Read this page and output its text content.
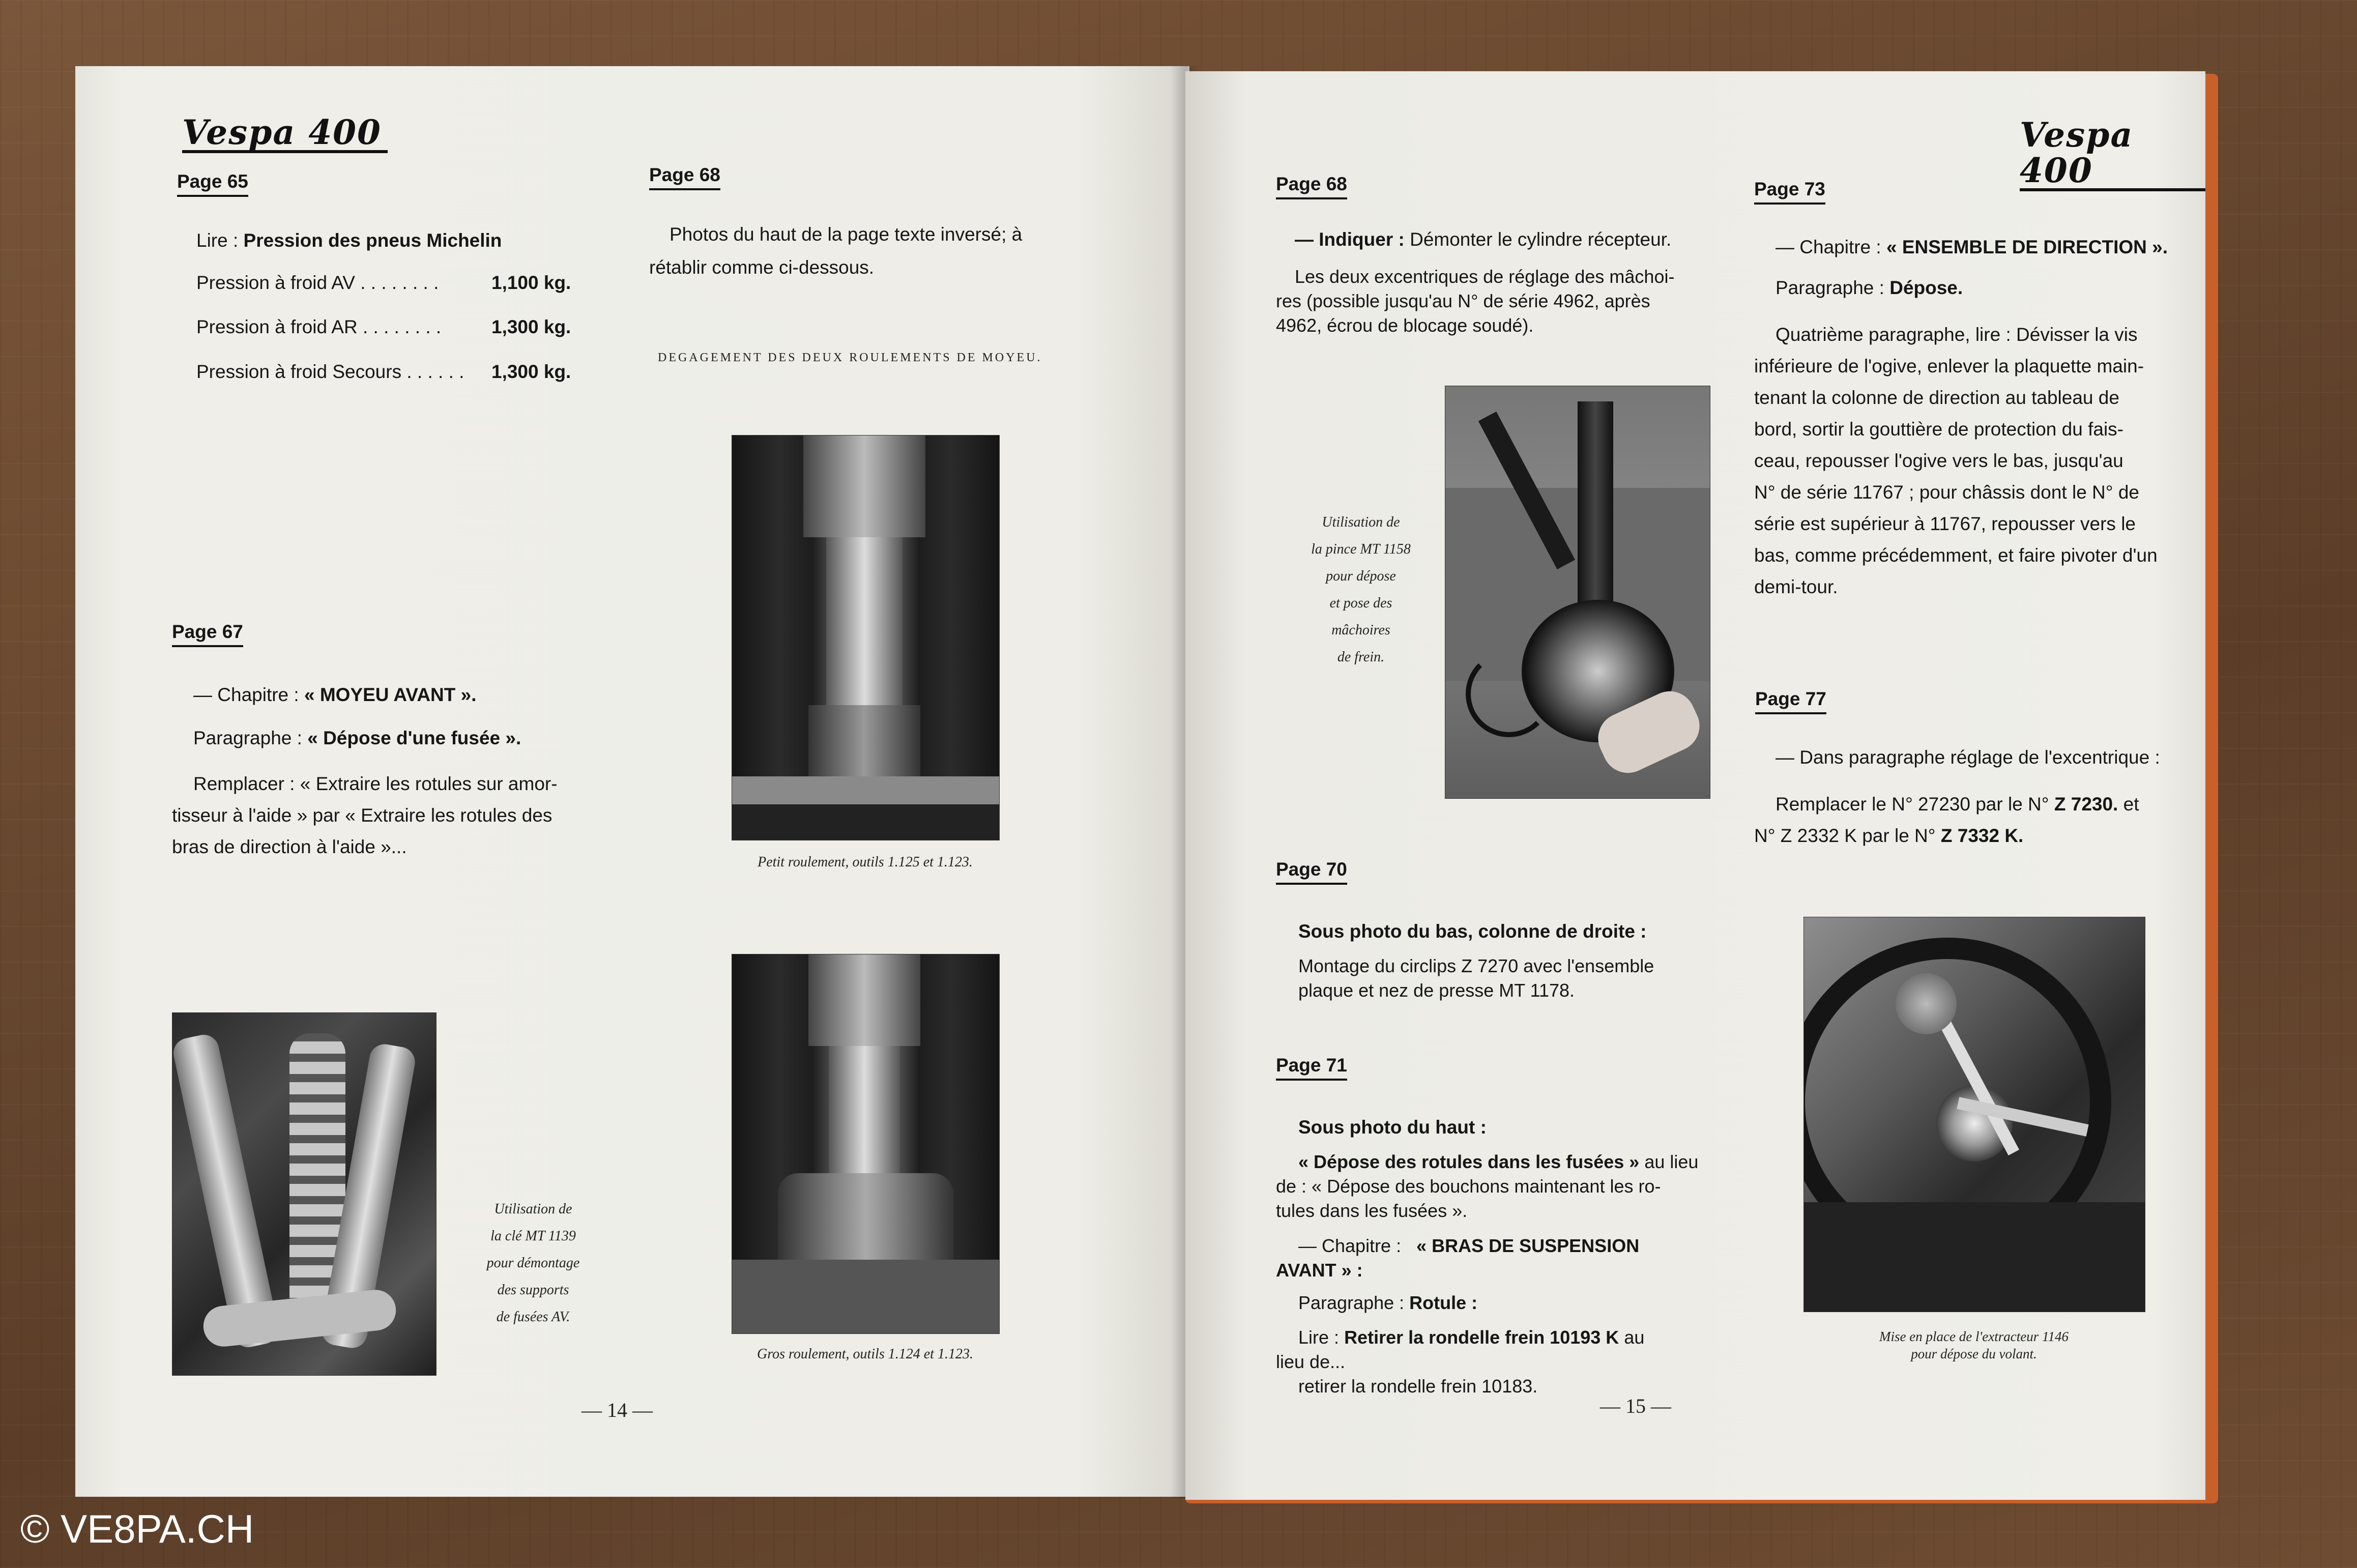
Vespa 400
Page 65
Lire : Pression des pneus Michelin
Pression à froid AV . . . . . . . .	1,100 kg.
Pression à froid AR . . . . . . . .	1,300 kg.
Pression à froid Secours . . . . . . 1,300 kg.
Page 68
Photos du haut de la page texte inversé; à
rétablir comme ci-dessous.
DEGAGEMENT DES DEUX ROULEMENTS DE MOYEU.
Petit roulement, outils 1.125 et 1.123.
Gros roulement, outils 1.124 et 1.123.
Page 67
— Chapitre : « MOYEU AVANT ».
Paragraphe : « Dépose d'une fusée ».
Remplacer : « Extraire les rotules sur amor-
tisseur à l'aide » par « Extraire les rotules des
bras de direction à l'aide »...
Utilisation de
la clé MT 1139
pour démontage
des supports
de fusées AV.
— 14 —
Vespa 400
Page 68
— Indiquer : Démonter le cylindre récepteur.
Les deux excentriques de réglage des mâchoi-
res (possible jusqu'au N° de série 4962, après
4962, écrou de blocage soudé).
Utilisation de
la pince MT 1158
pour dépose
et pose des
mâchoires
de frein.
Page 70
Sous photo du bas, colonne de droite :
Montage du circlips Z 7270 avec l'ensemble
plaque et nez de presse MT 1178.
Page 71
Sous photo du haut :
« Dépose des rotules dans les fusées » au lieu
de : « Dépose des bouchons maintenant les ro-
tules dans les fusées ».
— Chapitre : « BRAS DE SUSPENSION
AVANT » :
Paragraphe : Rotule :
Lire : Retirer la rondelle frein 10193 K au
lieu de...
retirer la rondelle frein 10183.
— 15 —
Page 73
— Chapitre : « ENSEMBLE DE DIRECTION ».
Paragraphe : Dépose.
Quatrième paragraphe, lire : Dévisser la vis
inférieure de l'ogive, enlever la plaquette main-
tenant la colonne de direction au tableau de
bord, sortir la gouttière de protection du fais-
ceau, repousser l'ogive vers le bas, jusqu'au
N° de série 11767 ; pour châssis dont le N° de
série est supérieur à 11767, repousser vers le
bas, comme précédemment, et faire pivoter d'un
demi-tour.
Page 77
— Dans paragraphe réglage de l'excentrique :
Remplacer le N° 27230 par le N° Z 7230. et
N° Z 2332 K par le N° Z 7332 K.
Mise en place de l'extracteur 1146
pour dépose du volant.
© VE8PA.CH
